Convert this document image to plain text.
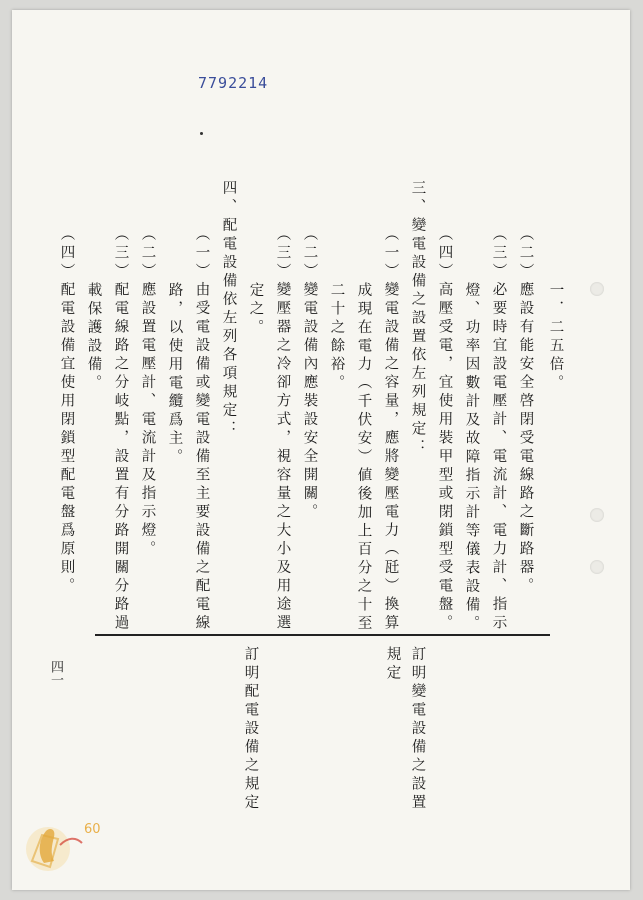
7792214
一．二五倍。
（二）應設有能安全啓閉受電線路之斷路器。
（三）必要時宜設電壓計、電流計、電力計、指示
燈、功率因數計及故障指示計等儀表設備。
（四）高壓受電，宜使用裝甲型或閉鎖型受電盤。
三、變電設備之設置依左列規定：
（一）變電設備之容量，應將變壓電力（瓩）換算
成現在電力（千伏安）値後加上百分之十至
二十之餘裕。
（二）變電設備內應裝設安全開關。
（三）變壓器之冷卻方式，視容量之大小及用途選
定之。
四、配電設備依左列各項規定：
（一）由受電設備或變電設備至主要設備之配電線
路，以使用電纜爲主。
（二）應設置電壓計、電流計及指示燈。
（三）配電線路之分岐點，設置有分路開關分路過
載保護設備。
（四）配電設備宜使用閉鎖型配電盤爲原則。
訂明變電設備之設置
規定
訂明配電設備之規定
四一
60
